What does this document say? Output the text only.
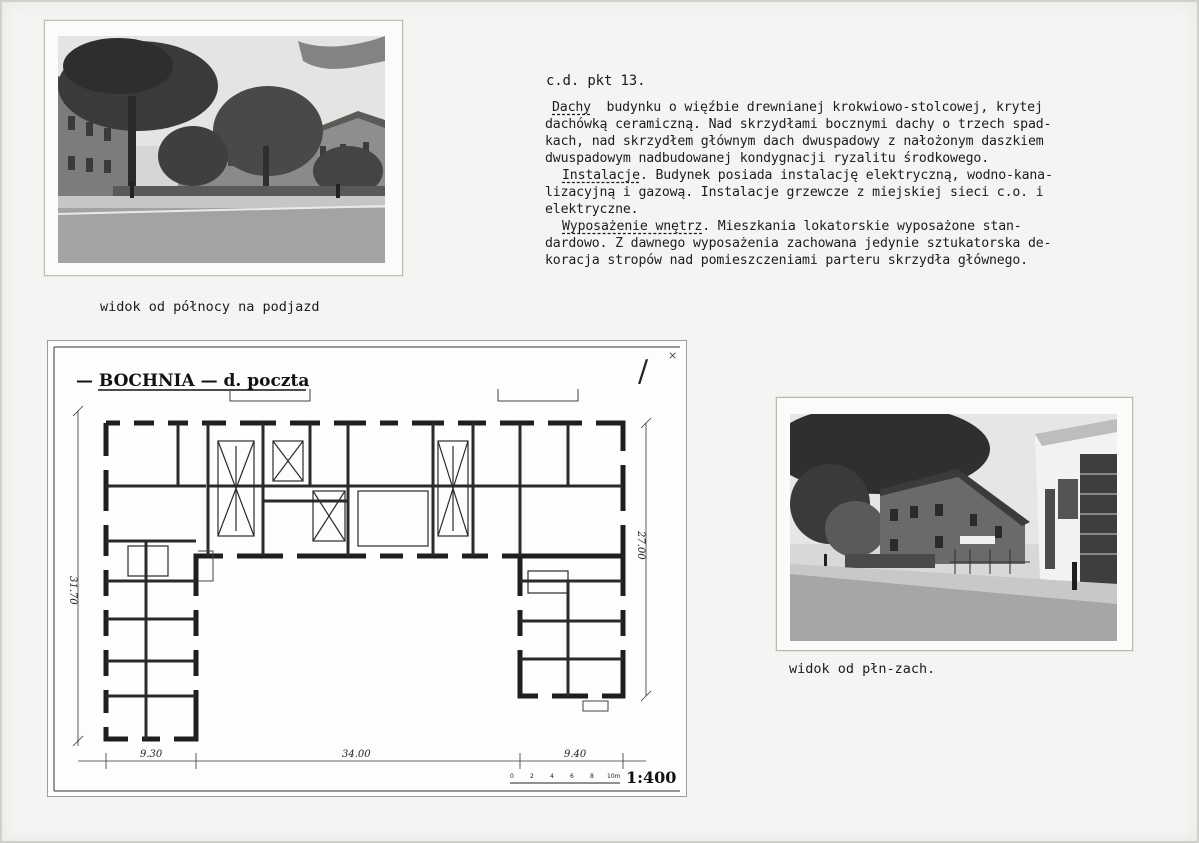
widok od północy na podjazd
c.d. pkt 13.
Dachy  budynku o więźbie drewnianej krokwiowo-stolcowej, krytej
dachówką ceramiczną. Nad skrzydłami bocznymi dachy o trzech spad-
kach, nad skrzydłem głównym dach dwuspadowy z nałożonym daszkiem
dwuspadowym nadbudowanej kondygnacji ryzalitu środkowego.
Instalacje. Budynek posiada instalację elektryczną, wodno-kana-
lizacyjną i gazową. Instalacje grzewcze z miejskiej sieci c.o. i
elektryczne.
Wyposażenie wnętrz. Mieszkania lokatorskie wyposażone stan-
dardowo. Z dawnego wyposażenia zachowana jedynie sztukatorska de-
koracja stropów nad pomieszczeniami parteru skrzydła głównego.
— BOCHNIA — d. poczta	/ ×
31.70
27.00
9.30	34.00	9.40
0	2	4	6	8 10m 1:400
widok od płn-zach.
